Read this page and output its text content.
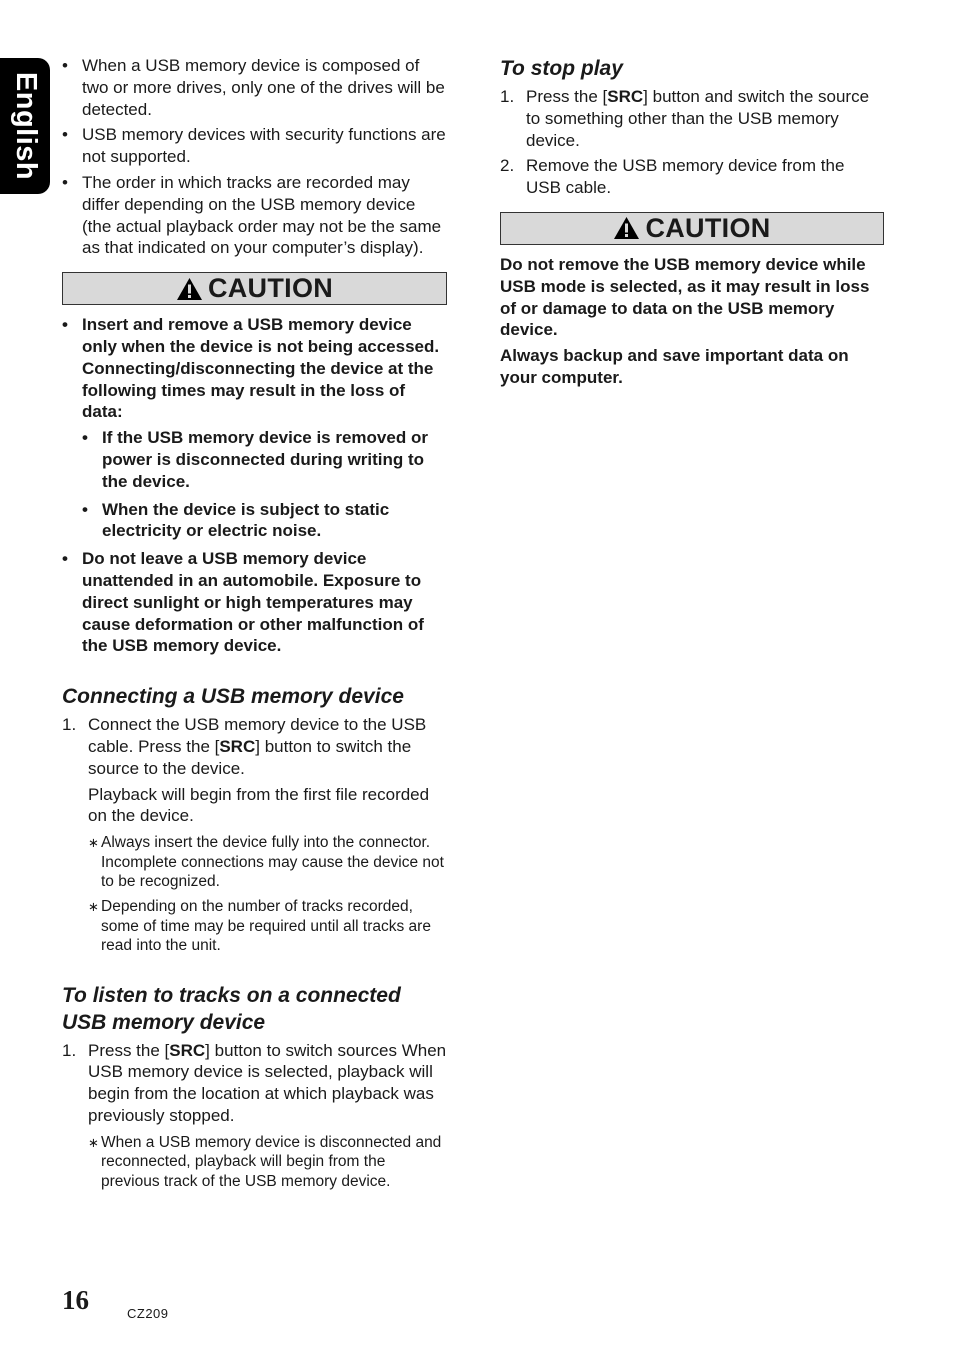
English
• When a USB memory device is composed of two or more drives, only one of the drives will be detected.
• USB memory devices with security functions are not supported.
• The order in which tracks are recorded may differ depending on the USB memory device (the actual playback order may not be the same as that indicated on your computer’s display).
CAUTION
• Insert and remove a USB memory device only when the device is not being accessed. Connecting/disconnecting the device at the following times may result in the loss of data:
• If the USB memory device is removed or power is disconnected during writing to the device.
• When the device is subject to static electricity or electric noise.
• Do not leave a USB memory device unattended in an automobile. Exposure to direct sunlight or high temperatures may cause deformation or other malfunction of the USB memory device.
Connecting a USB memory device
1. Connect the USB memory device to the USB cable. Press the [SRC] button to switch the source to the device.
Playback will begin from the first file recorded on the device.
∗ Always insert the device fully into the connector. Incomplete connections may cause the device not to be recognized.
∗ Depending on the number of tracks recorded, some of time may be required until all tracks are read into the unit.
To listen to tracks on a connected USB memory device
1. Press the [SRC] button to switch sources When USB memory device is selected, playback will begin from the location at which playback was previously stopped.
∗ When a USB memory device is disconnected and reconnected, playback will begin from the previous track of the USB memory device.
To stop play
1. Press the [SRC] button and switch the source to something other than the USB memory device.
2. Remove the USB memory device from the USB cable.
CAUTION
Do not remove the USB memory device while USB mode is selected, as it may result in loss of or damage to data on the USB memory device.
Always backup and save important data on your computer.
16	CZ209
